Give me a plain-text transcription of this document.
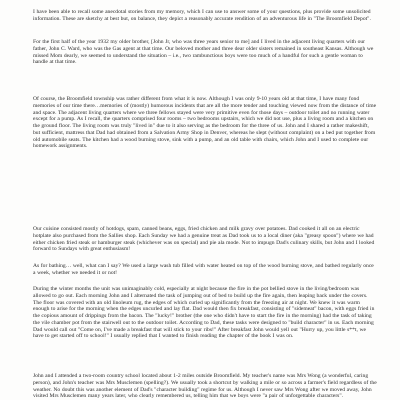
I have been able to recall some anecdotal stories from my memory, which I can use to answer some of your questions, plus provide some unsolicited information. These are sketchy at best but, on balance, they depict a reasonably accurate rendition of an adventurous life in "The Broomfield Depot".

For the first half of the year 1932 my older brother, [John Jr, who was three years senior to me] and I lived in the adjacent living quarters with our father, John C. Ward, who was the Gas agent at that time. Our beloved mother and three dear older sisters remained in southeast Kansas. Although we missed Mom dearly, we seemed to understand the situation – i.e., two rambunctious boys were too much of a handful for such a gentle woman to handle at that time.

Of course, the Broomfield township was rather different from what it is now. Although I was only 9-10 years old at that time, I have many fond memories of our time there…memories of (mostly) humorous incidents that are all the more tender and touching viewed now from the distance of time and space. The adjacent living quarters where we three fellows stayed were very primitive even for those days – outdoor toilet and no running water except for a pump. As I recall, the quarters comprised four rooms – two bedrooms upstairs, which we did not use, plus a living room and a kitchen on the ground floor. The living room was truly "lived in" due to it also serving as the bedroom for the three of us. John and I shared a rather makeshift, but sufficient, mattress that Dad had obtained from a Salvation Army Shop in Denver, whereas he slept (without complaint) on a bed put together from old automobile seats. The kitchen had a wood burning stove, sink with a pump, and an old table with chairs, which John and I used to complete our homework assignments.

Our cuisine consisted mostly of hotdogs, spam, canned beans, eggs, fried chicken and milk gravy over potatoes. Dad cooked it all on an electric hotplate also purchased from the Sallies shop. Each Sunday we had a genuine treat as Dad took us to a local diner (aka "greasy spoon") where we had either chicken fried steak or hamburger steak (whichever was on special) and pie ala mode. Not to impugn Dad's culinary skills, but John and I looked forward to Sundays with great enthusiasm!

As for bathing… well, what can I say? We used a large wash tub filled with water heated on top of the wood burning stove, and bathed regularly once a week, whether we needed it or not!

During the winter months the unit was unimaginably cold, especially at night because the fire in the pot bellied stove in the living/bedroom was allowed to go out. Each morning John and I alternated the task of jumping out of bed to build up the fire again, then leaping back under the covers. The floor was covered with an old linoleum rug, the edges of which curled up significantly from the freezing air at night. We knew it was warm enough to arise for the morning when the edges uncurled and lay flat. Dad would then fix breakfast, consisting of "sidemeat" bacon, with eggs fried in the copious amount of drippings from the bacon. The "lucky!" brother (the one who didn't have to start the fire in the morning) had the task of taking the vile chamber pot from the stairwell out to the outdoor toilet. According to Dad, these tasks were designed to "build character" in us. Each morning Dad would call out "Come on, I've made a breakfast that will stick to your ribs!" After breakfast John would yell out "Hurry up, you little s**t, we have to get started off to school!" I usually replied that I wanted to finish reading the chapter of the book I was on.

John and I attended a two-room country school located about 1-2 miles outside Broomfield. My teacher's name was Mrs Wong (a wonderful, caring person), and John's teacher was Mrs Musclemen (spelling?). We usually took a shortcut by walking a mile or so across a farmer's field regardless of the weather. No doubt this was another element of Dad's "character building" regime for us. Although I never saw Mrs Wong after we moved away, John visited Mrs Musclemen many years later, who clearly remembered us, telling him that we boys were "a pair of unforgettable characters".
